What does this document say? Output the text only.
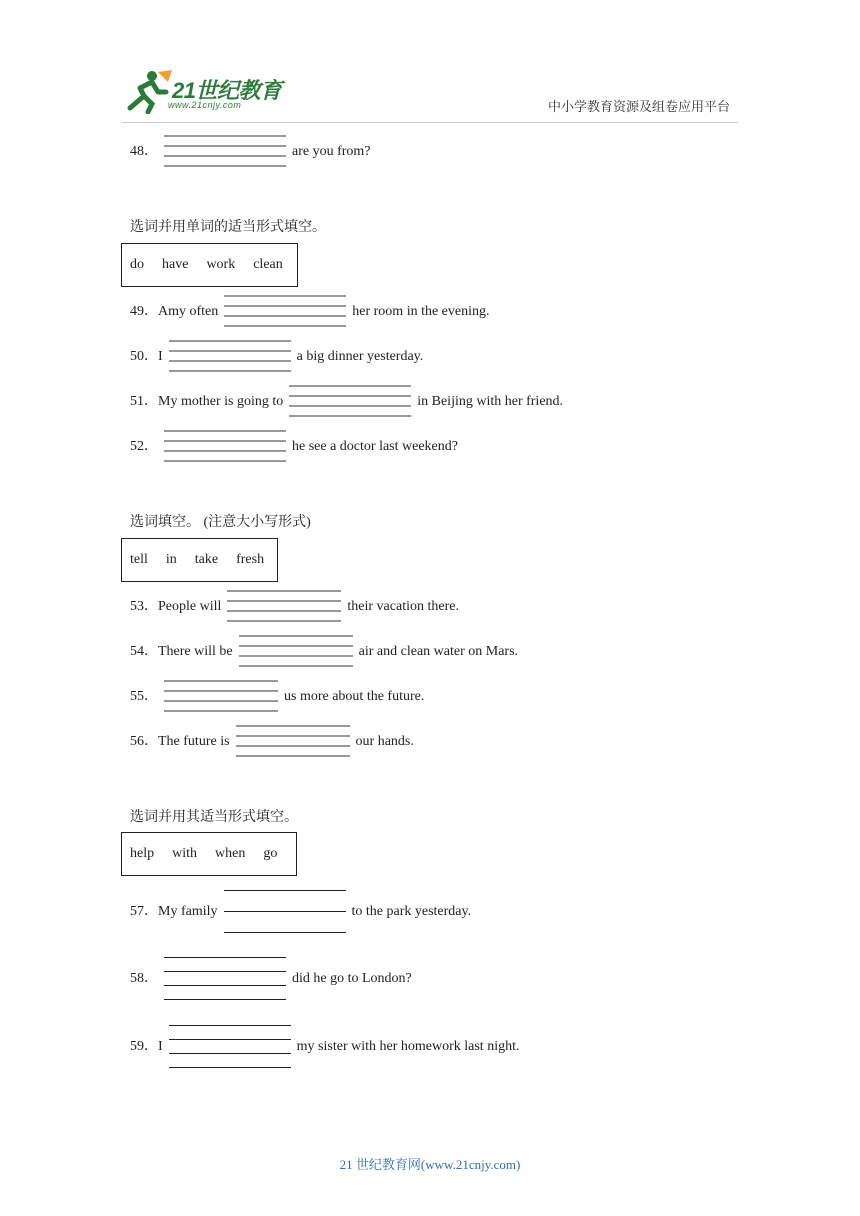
21世纪教育
www.21cnjy.com	中小学教育资源及组卷应用平台
48．	are you from?
选词并用单词的适当形式填空。
do have work clean
49．Amy often	her room in the evening.
50．I	a big dinner yesterday.
51．My mother is going to	in Beijing with her friend.
52．	he see a doctor last weekend?
选词填空。 (注意大小写形式)
tell in take fresh
53．People will	their vacation there.
54．There will be	air and clean water on Mars.
55．	us more about the future.
56．The future is	our hands.
选词并用其适当形式填空。
help with when go
57．My family	to the park yesterday.
58．	did he go to London?
59．I	my sister with her homework last night.
21 世纪教育网(www.21cnjy.com)
